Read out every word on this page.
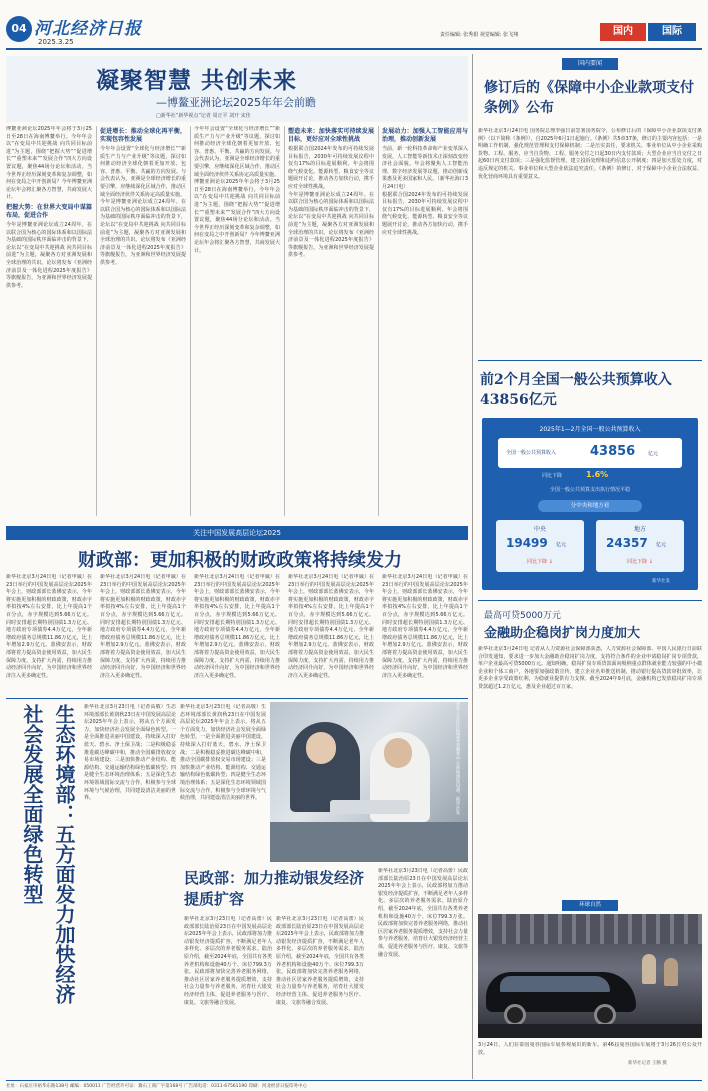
04 河北经济日报
2025.3.25
责任编辑: 张秀娟 视觉编辑: 张飞翔	国内	国际
凝聚智慧 共创未来
—博鳌亚洲论坛2025年年会前瞻
□新华社“新华视点”记者 周正平 刘开 宋佳

博鳌亚洲论坛2025年年会将于3月25日至28日在海南博鳌举行。今年年会以“在变局中共迎挑战 向共同目标前进”为主题，围绕“把握大势”“促进增长”“重塑未来”“发展合作”四大方向设置议题，聚焦44场分论坛和活动。当今世界正经历深刻变革和复杂调整，如何在变局之中开创新局？今年博鳌亚洲论坛年会将汇聚各方智慧，共商发展大计。

把握大势：在世界大变局中谋篇布局，促进合作

今年是博鳌亚洲论坛成立24周年。在以联合国为核心的国际体系和以国际法为基础的国际秩序面临冲击的背景下，论坛以“在变局中共迎挑战 向共同目标前进”为主题，凝聚各方对亚洲发展和全球治理的共识。论坛将发布《亚洲经济前景及一体化进程2025年度报告》等旗舰报告，为亚洲和世界经济发展提供参考。

促进增长：推动全球化再平衡，实现包容性发展

今年年会设置“全球化与经济增长”“新质生产力与产业升级”等议题，探讨如何推动经济全球化朝着更加开放、包容、普惠、平衡、共赢的方向发展。与会代表认为，亚洲是全球经济增长的重要引擎，应继续深化区域合作，推动区域全面经济伙伴关系协定高质量实施。

今年是博鳌亚洲论坛成立24周年。在以联合国为核心的国际体系和以国际法为基础的国际秩序面临冲击的背景下，论坛以“在变局中共迎挑战 向共同目标前进”为主题，凝聚各方对亚洲发展和全球治理的共识。论坛将发布《亚洲经济前景及一体化进程2025年度报告》等旗舰报告，为亚洲和世界经济发展提供参考。

今年年会设置“全球化与经济增长”“新质生产力与产业升级”等议题，探讨如何推动经济全球化朝着更加开放、包容、普惠、平衡、共赢的方向发展。与会代表认为，亚洲是全球经济增长的重要引擎，应继续深化区域合作，推动区域全面经济伙伴关系协定高质量实施。

博鳌亚洲论坛2025年年会将于3月25日至28日在海南博鳌举行。今年年会以“在变局中共迎挑战 向共同目标前进”为主题，围绕“把握大势”“促进增长”“重塑未来”“发展合作”四大方向设置议题，聚焦44场分论坛和活动。当今世界正经历深刻变革和复杂调整，如何在变局之中开创新局？今年博鳌亚洲论坛年会将汇聚各方智慧，共商发展大计。

塑造未来：加快落实可持续发展目标，更好应对全球性挑战

根据联合国2024年发布的可持续发展目标报告，2030年可持续发展议程中仅有17%的目标进展顺利。年会将围绕气候变化、能源转型、粮食安全等议题展开讨论，推动各方加快行动，携手应对全球性挑战。

今年是博鳌亚洲论坛成立24周年。在以联合国为核心的国际体系和以国际法为基础的国际秩序面临冲击的背景下，论坛以“在变局中共迎挑战 向共同目标前进”为主题，凝聚各方对亚洲发展和全球治理的共识。论坛将发布《亚洲经济前景及一体化进程2025年度报告》等旗舰报告，为亚洲和世界经济发展提供参考。

发展动力：加强人工智能应用与治理，推动创新发展

当前，新一轮科技革命和产业变革深入发展，人工智能等新技术正深刻改变经济社会面貌。年会将聚焦人工智能治理、数字经济发展等议题，推动创新成果惠及更多国家和人民。（新华社海口3月24日电）

根据联合国2024年发布的可持续发展目标报告，2030年可持续发展议程中仅有17%的目标进展顺利。年会将围绕气候变化、能源转型、粮食安全等议题展开讨论，推动各方加快行动，携手应对全球性挑战。

国内要闻
修订后的《保障中小企业款项支付条例》公布
新华社北京3月24日电 国务院总理李强日前签署国务院令，公布修订后的《保障中小企业款项支付条例》（以下简称《条例》），自2025年6月1日起施行。《条例》共5章37条，修订的主要内容包括：一是明确工作机制，强化规范管理和支付保障机制；二是压实责任，要求机关、事业单位从中小企业采购货物、工程、服务，应当自货物、工程、服务交付之日起30日内支付款项；大型企业应当自交付之日起60日内支付款项；三是强化监督管理，建立投诉处理和违约信息公开制度；四是加大惩处力度，对违反规定的机关、事业单位和大型企业依法追究责任。《条例》的修订，对于保障中小企业合法权益、优化营商环境具有重要意义。
前2个月全国一般公共预算收入43856亿元
2025年1—2月全国一般公共预算收入
全国一般公共预算收入	43856	亿元
同比下降	1.6%
全国一般公共预算支出执行情况平稳
分中央和地方看
中央
19499 亿元
同比下降 ↓
地方
24357 亿元
同比下降 ↓
新华社发
最高可贷5000万元
金融助企稳岗扩岗力度加大
新华社北京3月24日电 记者从人力资源社会保障部获悉，人力资源社会保障部、中国人民银行日前联合印发通知，要求进一步加大金融助企稳岗扩岗力度，支持符合条件的企业申请稳岗扩岗专项贷款，单户企业最高可贷5000万元。通知明确，稳岗扩岗专项贷款面向吸纳重点群体就业能力较强的中小微企业和个体工商户，各地要加强政策宣传，建立企业名单推送机制，推动银行提高贷款审批效率，让更多企业享受政策红利，为稳就业提供有力支撑。截至2024年9月底，金融机构已发放稳岗扩岗专项贷款超过1.2万亿元，惠及企业超过百万家。
环球自然
3月24日，人们在泰国曼谷国际车展参观展出的新车。第46届曼谷国际车展将于3月26日对公众开放。
新华社记者 王腾 摄
关注中国发展高层论坛2025
财政部：更加积极的财政政策将持续发力
新华社北京3月24日电（记者申铖）在23日举行的中国发展高层论坛2025年年会上，财政部部长蓝佛安表示，今年将实施更加积极的财政政策，财政赤字率拟按4%左右安排，比上年提高1个百分点，赤字规模达到5.66万亿元。同时安排超长期特别国债1.3万亿元、地方政府专项债券4.4万亿元，全年新增政府债务总规模11.86万亿元，比上年增加2.9万亿元。蓝佛安表示，财政部将着力提高资金使用效益，加大民生保障力度，支持扩大内需，持续用力推动经济回升向好，为中国经济和世界经济注入更多确定性。
新华社北京3月24日电（记者申铖）在23日举行的中国发展高层论坛2025年年会上，财政部部长蓝佛安表示，今年将实施更加积极的财政政策，财政赤字率拟按4%左右安排，比上年提高1个百分点，赤字规模达到5.66万亿元。同时安排超长期特别国债1.3万亿元、地方政府专项债券4.4万亿元，全年新增政府债务总规模11.86万亿元，比上年增加2.9万亿元。蓝佛安表示，财政部将着力提高资金使用效益，加大民生保障力度，支持扩大内需，持续用力推动经济回升向好，为中国经济和世界经济注入更多确定性。
新华社北京3月24日电（记者申铖）在23日举行的中国发展高层论坛2025年年会上，财政部部长蓝佛安表示，今年将实施更加积极的财政政策，财政赤字率拟按4%左右安排，比上年提高1个百分点，赤字规模达到5.66万亿元。同时安排超长期特别国债1.3万亿元、地方政府专项债券4.4万亿元，全年新增政府债务总规模11.86万亿元，比上年增加2.9万亿元。蓝佛安表示，财政部将着力提高资金使用效益，加大民生保障力度，支持扩大内需，持续用力推动经济回升向好，为中国经济和世界经济注入更多确定性。
新华社北京3月24日电（记者申铖）在23日举行的中国发展高层论坛2025年年会上，财政部部长蓝佛安表示，今年将实施更加积极的财政政策，财政赤字率拟按4%左右安排，比上年提高1个百分点，赤字规模达到5.66万亿元。同时安排超长期特别国债1.3万亿元、地方政府专项债券4.4万亿元，全年新增政府债务总规模11.86万亿元，比上年增加2.9万亿元。蓝佛安表示，财政部将着力提高资金使用效益，加大民生保障力度，支持扩大内需，持续用力推动经济回升向好，为中国经济和世界经济注入更多确定性。
新华社北京3月24日电（记者申铖）在23日举行的中国发展高层论坛2025年年会上，财政部部长蓝佛安表示，今年将实施更加积极的财政政策，财政赤字率拟按4%左右安排，比上年提高1个百分点，赤字规模达到5.66万亿元。同时安排超长期特别国债1.3万亿元、地方政府专项债券4.4万亿元，全年新增政府债务总规模11.86万亿元，比上年增加2.9万亿元。蓝佛安表示，财政部将着力提高资金使用效益，加大民生保障力度，支持扩大内需，持续用力推动经济回升向好，为中国经济和世界经济注入更多确定性。
生态环境部：五方面发力加快经济社会发展全面绿色转型	新华社北京3月23日电（记者高敬）生态环境部部长黄润秋23日在中国发展高层论坛2025年年会上表示，将从五个方面发力，加快经济社会发展全面绿色转型。一是全面推进美丽中国建设，持续深入打好蓝天、碧水、净土保卫战；二是积极稳妥推进碳达峰碳中和，推动全国碳排放权交易市场建设；三是加快推动产业结构、能源结构、交通运输结构绿色低碳转型；四是健全生态环境治理体系；五是深化生态环境领域国际交流与合作，积极参与全球环境与气候治理，共同建设清洁美丽的世界。
新华社北京3月23日电（记者高敬）生态环境部部长黄润秋23日在中国发展高层论坛2025年年会上表示，将从五个方面发力，加快经济社会发展全面绿色转型。一是全面推进美丽中国建设，持续深入打好蓝天、碧水、净土保卫战；二是积极稳妥推进碳达峰碳中和，推动全国碳排放权交易市场建设；三是加快推动产业结构、能源结构、交通运输结构绿色低碳转型；四是健全生态环境治理体系；五是深化生态环境领域国际交流与合作，积极参与全球环境与气候治理，共同建设清洁美丽的世界。	老年人在社区智慧养老服务中心体验康复设备。新华社发
民政部：加力推动银发经济提质扩容
新华社北京3月23日电（记者高蕾）民政部部长陆治原23日在中国发展高层论坛2025年年会上表示，民政部将加力推动银发经济提质扩容，不断满足老年人多样化、多层次的养老服务需求。陆治原介绍，截至2024年底，全国共有各类养老机构和设施40万个、床位799.3万张。民政部将加快完善养老服务网络，推动社区居家养老服务提质增效，支持社会力量参与养老服务，培育壮大银发经济经营主体，促进养老服务与医疗、康复、文旅等融合发展。
新华社北京3月23日电（记者高蕾）民政部部长陆治原23日在中国发展高层论坛2025年年会上表示，民政部将加力推动银发经济提质扩容，不断满足老年人多样化、多层次的养老服务需求。陆治原介绍，截至2024年底，全国共有各类养老机构和设施40万个、床位799.3万张。民政部将加快完善养老服务网络，推动社区居家养老服务提质增效，支持社会力量参与养老服务，培育壮大银发经济经营主体，促进养老服务与医疗、康复、文旅等融合发展。
新华社北京3月23日电（记者高蕾）民政部部长陆治原23日在中国发展高层论坛2025年年会上表示，民政部将加力推动银发经济提质扩容，不断满足老年人多样化、多层次的养老服务需求。陆治原介绍，截至2024年底，全国共有各类养老机构和设施40万个、床位799.3万张。民政部将加快完善养老服务网络，推动社区居家养老服务提质增效，支持社会力量参与养老服务，培育壮大银发经济经营主体，促进养老服务与医疗、康复、文旅等融合发展。
社址：石家庄市裕华东路138号 邮编：050011 广告经营许可证：冀石工商广字第168号 广告部电话：0311-67561190 印刷：河北经济日报印务中心
